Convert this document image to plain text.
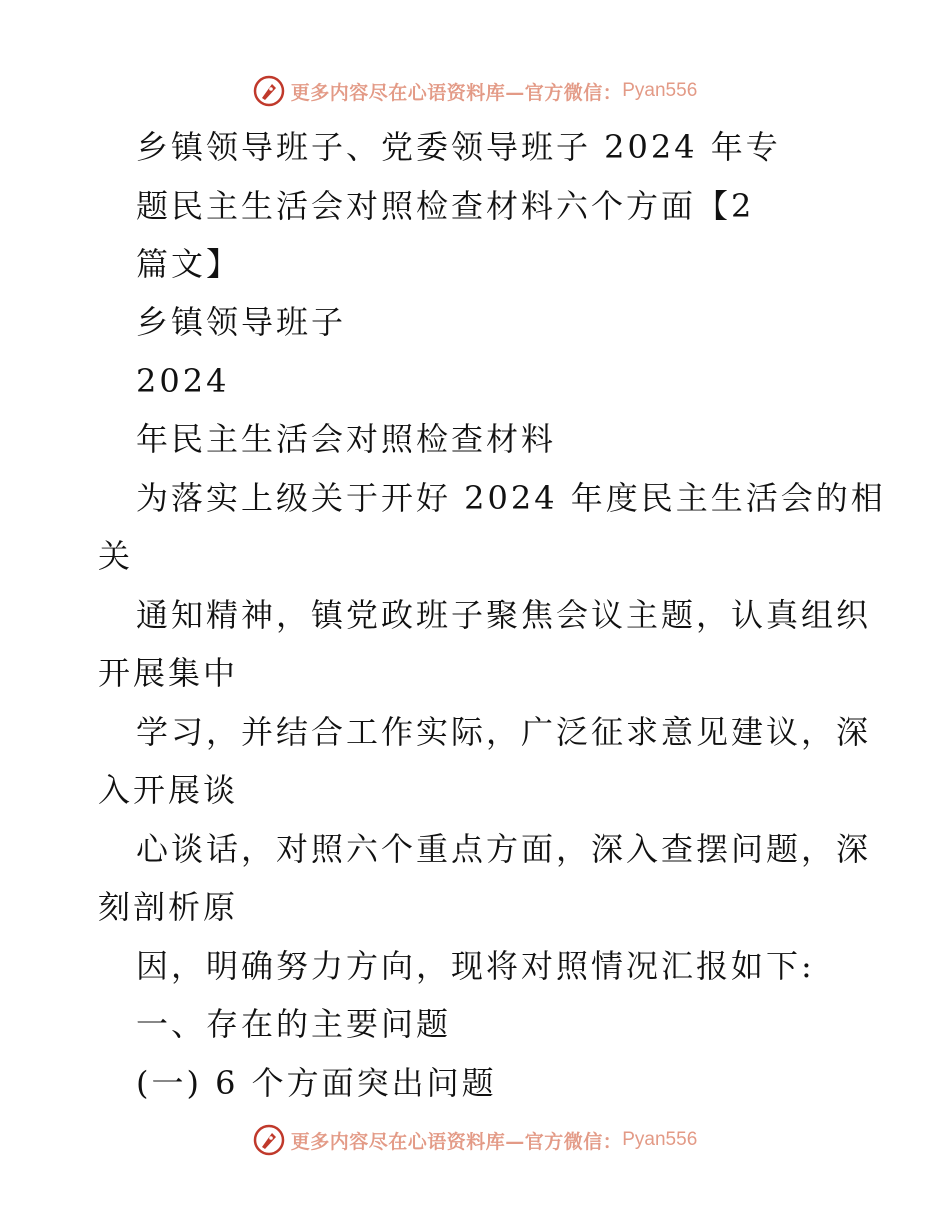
更多内容尽在心语资料库—官方微信： Pyan556
乡镇领导班子、党委领导班子 2024 年专
题民主生活会对照检查材料六个方面【2
篇文】
乡镇领导班子
2024
年民主生活会对照检查材料
为落实上级关于开好 2024 年度民主生活会的相
关
通知精神，镇党政班子聚焦会议主题，认真组织
开展集中
学习，并结合工作实际，广泛征求意见建议，深
入开展谈
心谈话，对照六个重点方面，深入查摆问题，深
刻剖析原
因，明确努力方向，现将对照情况汇报如下:
一、存在的主要问题
(一) 6 个方面突出问题
更多内容尽在心语资料库—官方微信： Pyan556
